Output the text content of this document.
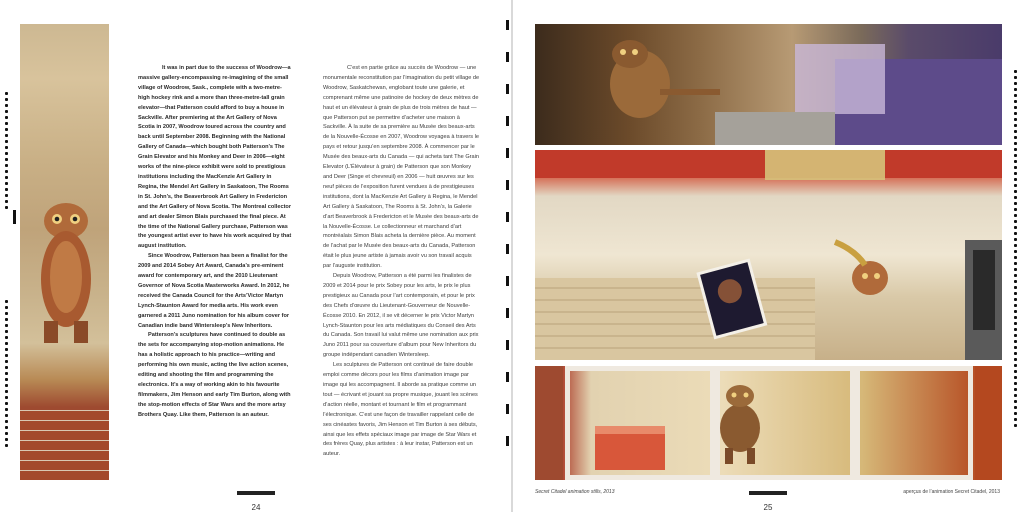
It was in part due to the success of Woodrow—a massive gallery-encompassing re-imagining of the small village of Woodrow, Sask., complete with a two-metre-high hockey rink and a more than three-metre-tall grain elevator—that Patterson could afford to buy a house in Sackville. After premiering at the Art Gallery of Nova Scotia in 2007, Woodrow toured across the country and back until September 2008. Beginning with the National Gallery of Canada—which bought both Patterson’s The Grain Elevator and his Monkey and Deer in 2006—eight works of the nine-piece exhibit were sold to prestigious institutions including the MacKenzie Art Gallery in Regina, the Mendel Art Gallery in Saskatoon, The Rooms in St. John’s, the Beaverbrook Art Gallery in Fredericton and the Art Gallery of Nova Scotia. The Montreal collector and art dealer Simon Blais purchased the final piece. At the time of the National Gallery purchase, Patterson was the youngest artist ever to have his work acquired by that august institution.

Since Woodrow, Patterson has been a finalist for the 2009 and 2014 Sobey Art Award, Canada’s pre-eminent award for contemporary art, and the 2010 Lieutenant Governor of Nova Scotia Masterworks Award. In 2012, he received the Canada Council for the Arts’Victor Martyn Lynch-Staunton Award for media arts. His work even garnered a 2011 Juno nomination for his album cover for Canadian indie band Wintersleep’s New Inheritors.

Patterson’s sculptures have continued to double as the sets for accompanying stop-motion animations. He has a holistic approach to his practice—writing and performing his own music, acting the live action scenes, editing and shooting the film and programming the electronics. It’s a way of working akin to his favourite filmmakers, Jim Henson and early Tim Burton, along with the stop-motion effects of Star Wars and the more artsy Brothers Quay. Like them, Patterson is an auteur.

C’est en partie grâce au succès de Woodrow — une monumentale reconstitution par l’imagination du petit village de Woodrow, Saskatchewan, englobant toute une galerie, et comprenant même une patinoire de hockey de deux mètres de haut et un élévateur à grain de plus de trois mètres de haut — que Patterson put se permettre d’acheter une maison à Sackville. À la suite de sa première au Musée des beaux-arts de la Nouvelle-Écosse en 2007, Woodrow voyagea à travers le pays et retour jusqu’en septembre 2008. À commencer par le Musée des beaux-arts du Canada — qui acheta tant The Grain Elevator (L’Élévateur à grain) de Patterson que son Monkey and Deer (Singe et chevreuil) en 2006 — huit œuvres sur les neuf pièces de l’exposition furent vendues à de prestigieuses institutions, dont la MacKenzie Art Gallery à Regina, le Mendel Art Gallery à Saskatoon, The Rooms à St. John’s, la Galerie d’art Beaverbrook à Fredericton et le Musée des beaux-arts de la Nouvelle-Écosse. Le collectionneur et marchand d’art montréalais Simon Blais acheta la dernière pièce. Au moment de l’achat par le Musée des beaux-arts du Canada, Patterson était le plus jeune artiste à jamais avoir vu son travail acquis par l’auguste institution.

Depuis Woodrow, Patterson a été parmi les finalistes de 2009 et 2014 pour le prix Sobey pour les arts, le prix le plus prestigieux au Canada pour l’art contemporain, et pour le prix des Chefs d’œuvre du Lieutenant-Gouverneur de Nouvelle-Écosse 2010. En 2012, il se vit décerner le prix Victor Martyn Lynch-Staunton pour les arts médiatiques du Conseil des Arts du Canada. Son travail lui valut même une nomination aux prix Juno 2011 pour sa couverture d’album pour New Inheritors du groupe indépendant canadien Wintersleep.

Les sculptures de Patterson ont continué de faire double emploi comme décors pour les films d’animation image par image qui les accompagnent. Il aborde sa pratique comme un tout — écrivant et jouant sa propre musique, jouant les scènes d’action réelle, montant et tournant le film et programmant l’électronique. C’est une façon de travailler rappelant celle de ses cinéastes favoris, Jim Henson et Tim Burton à ses débuts, ainsi que les effets spéciaux image par image de Star Wars et des frères Quay, plus artistes : à leur instar, Patterson est un auteur.

24
Secret Citadel animation stills, 2013
25
aperçus de l’animation Secret Citadel, 2013
